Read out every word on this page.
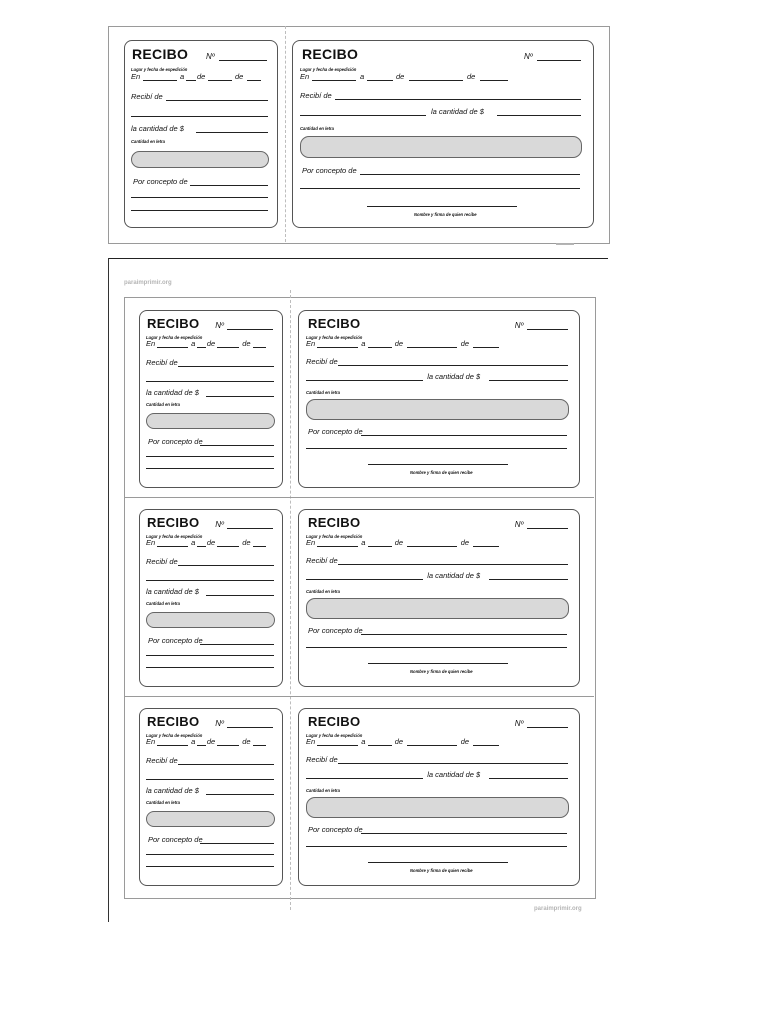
RECIBO Nº
Lugar y fecha de expedición
En	a de	de
Recibí de
la cantidad de $
Cantidad en letra
Por concepto de
RECIBO	Nº
Lugar y fecha de expedición
En	a	de	de
Recibí de
la cantidad de $
Cantidad en letra
Por concepto de
Nombre y firma de quien recibe
▬▬▬
paraimprimir.org
RECIBO Nº
Lugar y fecha de expedición
En	a de	de
Recibí de
la cantidad de $
Cantidad en letra
Por concepto de
RECIBO	Nº
Lugar y fecha de expedición
En	a	de	de
Recibí de
la cantidad de $
Cantidad en letra
Por concepto de
Nombre y firma de quien recibe
RECIBO Nº
Lugar y fecha de expedición
En	a de	de
Recibí de
la cantidad de $
Cantidad en letra
Por concepto de
RECIBO	Nº
Lugar y fecha de expedición
En	a	de	de
Recibí de
la cantidad de $
Cantidad en letra
Por concepto de
Nombre y firma de quien recibe
RECIBO Nº
Lugar y fecha de expedición
En	a de	de
Recibí de
la cantidad de $
Cantidad en letra
Por concepto de
RECIBO	Nº
Lugar y fecha de expedición
En	a	de	de
Recibí de
la cantidad de $
Cantidad en letra
Por concepto de
Nombre y firma de quien recibe
paraimprimir.org
